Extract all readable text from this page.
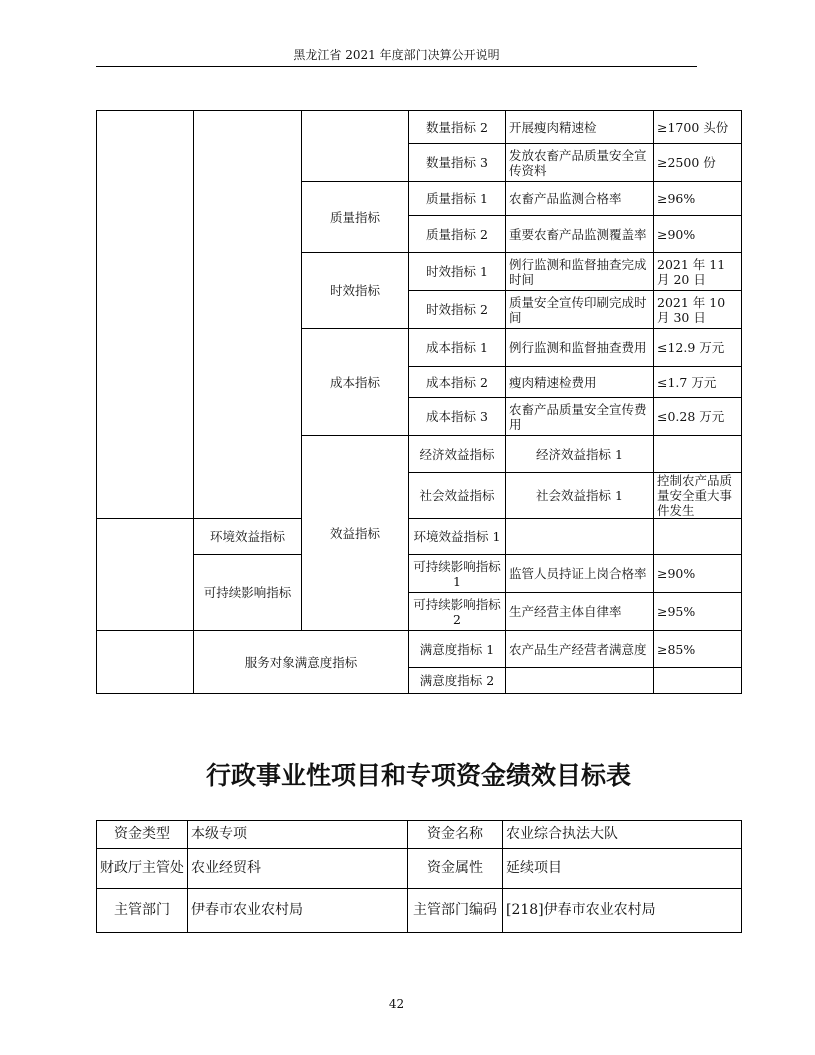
黑龙江省 2021 年度部门决算公开说明
			数量指标 2	开展瘦肉精速检	≥1700 头份	
			数量指标 3	发放农畜产品质量安全宣传资料	≥2500 份	
		质量指标	质量指标 1	农畜产品监测合格率	≥96%	
			质量指标 2	重要农畜产品监测覆盖率	≥90%	
		时效指标	时效指标 1	例行监测和监督抽查完成时间	2021 年 11 月 20 日	
			时效指标 2	质量安全宣传印刷完成时间	2021 年 10 月 30 日	
		成本指标	成本指标 1	例行监测和监督抽查费用	≤12.9 万元	
			成本指标 2	瘦肉精速检费用	≤1.7 万元	
			成本指标 3	农畜产品质量安全宣传费用	≤0.28 万元	
		效益指标	经济效益指标	经济效益指标 1		
			社会效益指标	社会效益指标 1	控制农产品质量安全重大事件发生	
	环境效益指标		环境效益指标 1			
	可持续影响指标		可持续影响指标 1	监管人员持证上岗合格率	≥90%	
			可持续影响指标 2	生产经营主体自律率	≥95%	
	服务对象满意度指标		满意度指标 1	农产品生产经营者满意度	≥85%	
			满意度指标 2			
行政事业性项目和专项资金绩效目标表
资金类型	本级专项	资金名称	农业综合执法大队
财政厅主管处	农业经贸科	资金属性	延续项目
主管部门	伊春市农业农村局	主管部门编码	[218]伊春市农业农村局
42
